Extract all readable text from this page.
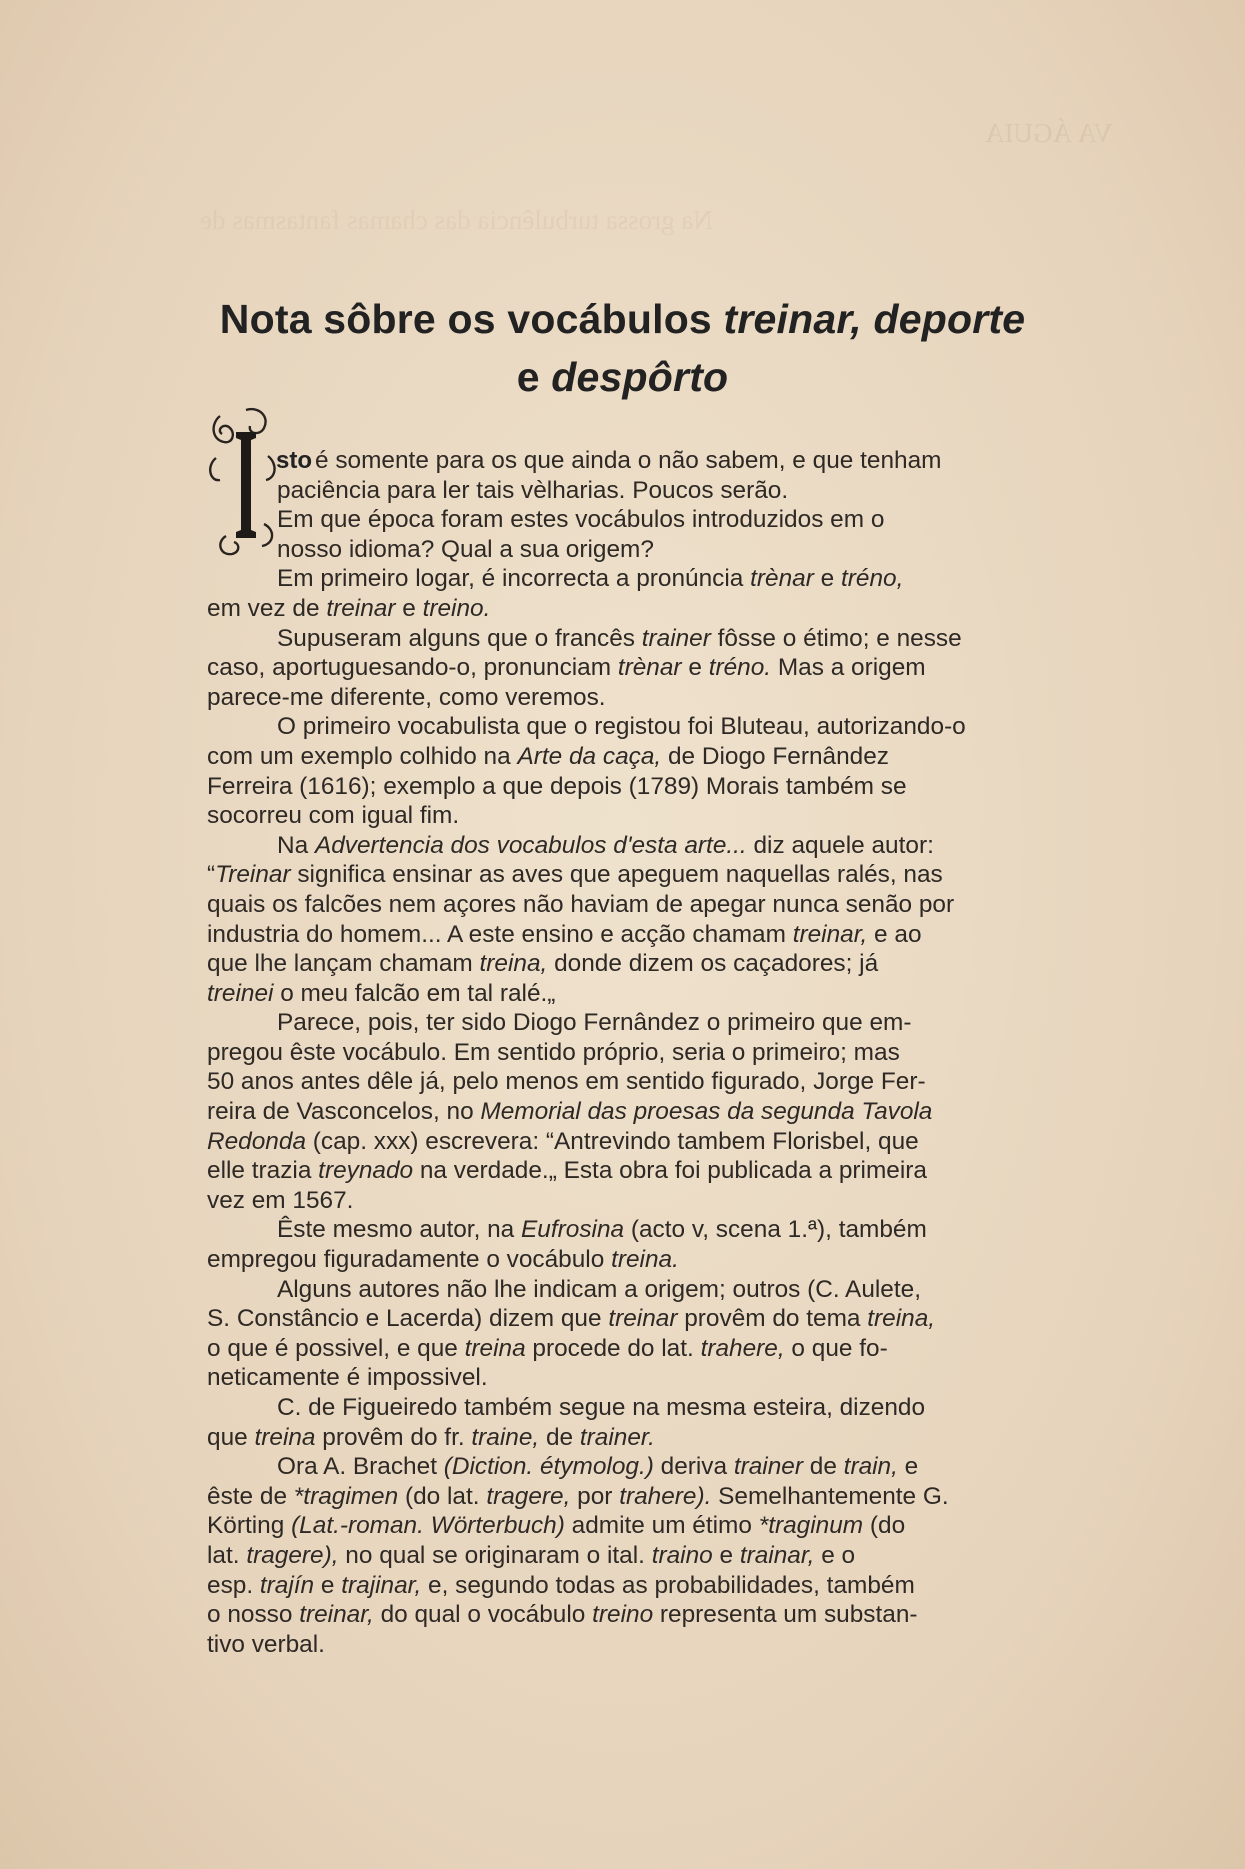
VA ÁGUIA
Na grossa turbulência das chamas fantasmas de
Nota sôbre os vocábulos treinar, deporte
e despôrto
I
sto é somente para os que ainda o não sabem, e que tenham
paciência para ler tais vèlharias. Poucos serão.
Em que época foram estes vocábulos introduzidos em o
nosso idioma? Qual a sua origem?
Em primeiro logar, é incorrecta a pronúncia trènar e tréno,
em vez de treinar e treino.
Supuseram alguns que o francês trainer fôsse o étimo; e nesse
caso, aportuguesando-o, pronunciam trènar e tréno. Mas a origem
parece-me diferente, como veremos.
O primeiro vocabulista que o registou foi Bluteau, autorizando-o
com um exemplo colhido na Arte da caça, de Diogo Fernândez
Ferreira (1616); exemplo a que depois (1789) Morais também se
socorreu com igual fim.
Na Advertencia dos vocabulos d'esta arte... diz aquele autor:
“Treinar significa ensinar as aves que apeguem naquellas ralés, nas
quais os falcões nem açores não haviam de apegar nunca senão por
industria do homem... A este ensino e acção chamam treinar, e ao
que lhe lançam chamam treina, donde dizem os caçadores; já
treinei o meu falcão em tal ralé.„
Parece, pois, ter sido Diogo Fernândez o primeiro que em-
pregou êste vocábulo. Em sentido próprio, seria o primeiro; mas
50 anos antes dêle já, pelo menos em sentido figurado, Jorge Fer-
reira de Vasconcelos, no Memorial das proesas da segunda Tavola
Redonda (cap. xxx) escrevera: “Antrevindo tambem Florisbel, que
elle trazia treynado na verdade.„ Esta obra foi publicada a primeira
vez em 1567.
Êste mesmo autor, na Eufrosina (acto v, scena 1.ª), também
empregou figuradamente o vocábulo treina.
Alguns autores não lhe indicam a origem; outros (C. Aulete,
S. Constâncio e Lacerda) dizem que treinar provêm do tema treina,
o que é possivel, e que treina procede do lat. trahere, o que fo-
neticamente é impossivel.
C. de Figueiredo também segue na mesma esteira, dizendo
que treina provêm do fr. traine, de trainer.
Ora A. Brachet (Diction. étymolog.) deriva trainer de train, e
êste de *tragimen (do lat. tragere, por trahere). Semelhantemente G.
Körting (Lat.-roman. Wörterbuch) admite um étimo *traginum (do
lat. tragere), no qual se originaram o ital. traino e trainar, e o
esp. trajín e trajinar, e, segundo todas as probabilidades, também
o nosso treinar, do qual o vocábulo treino representa um substan-
tivo verbal.
